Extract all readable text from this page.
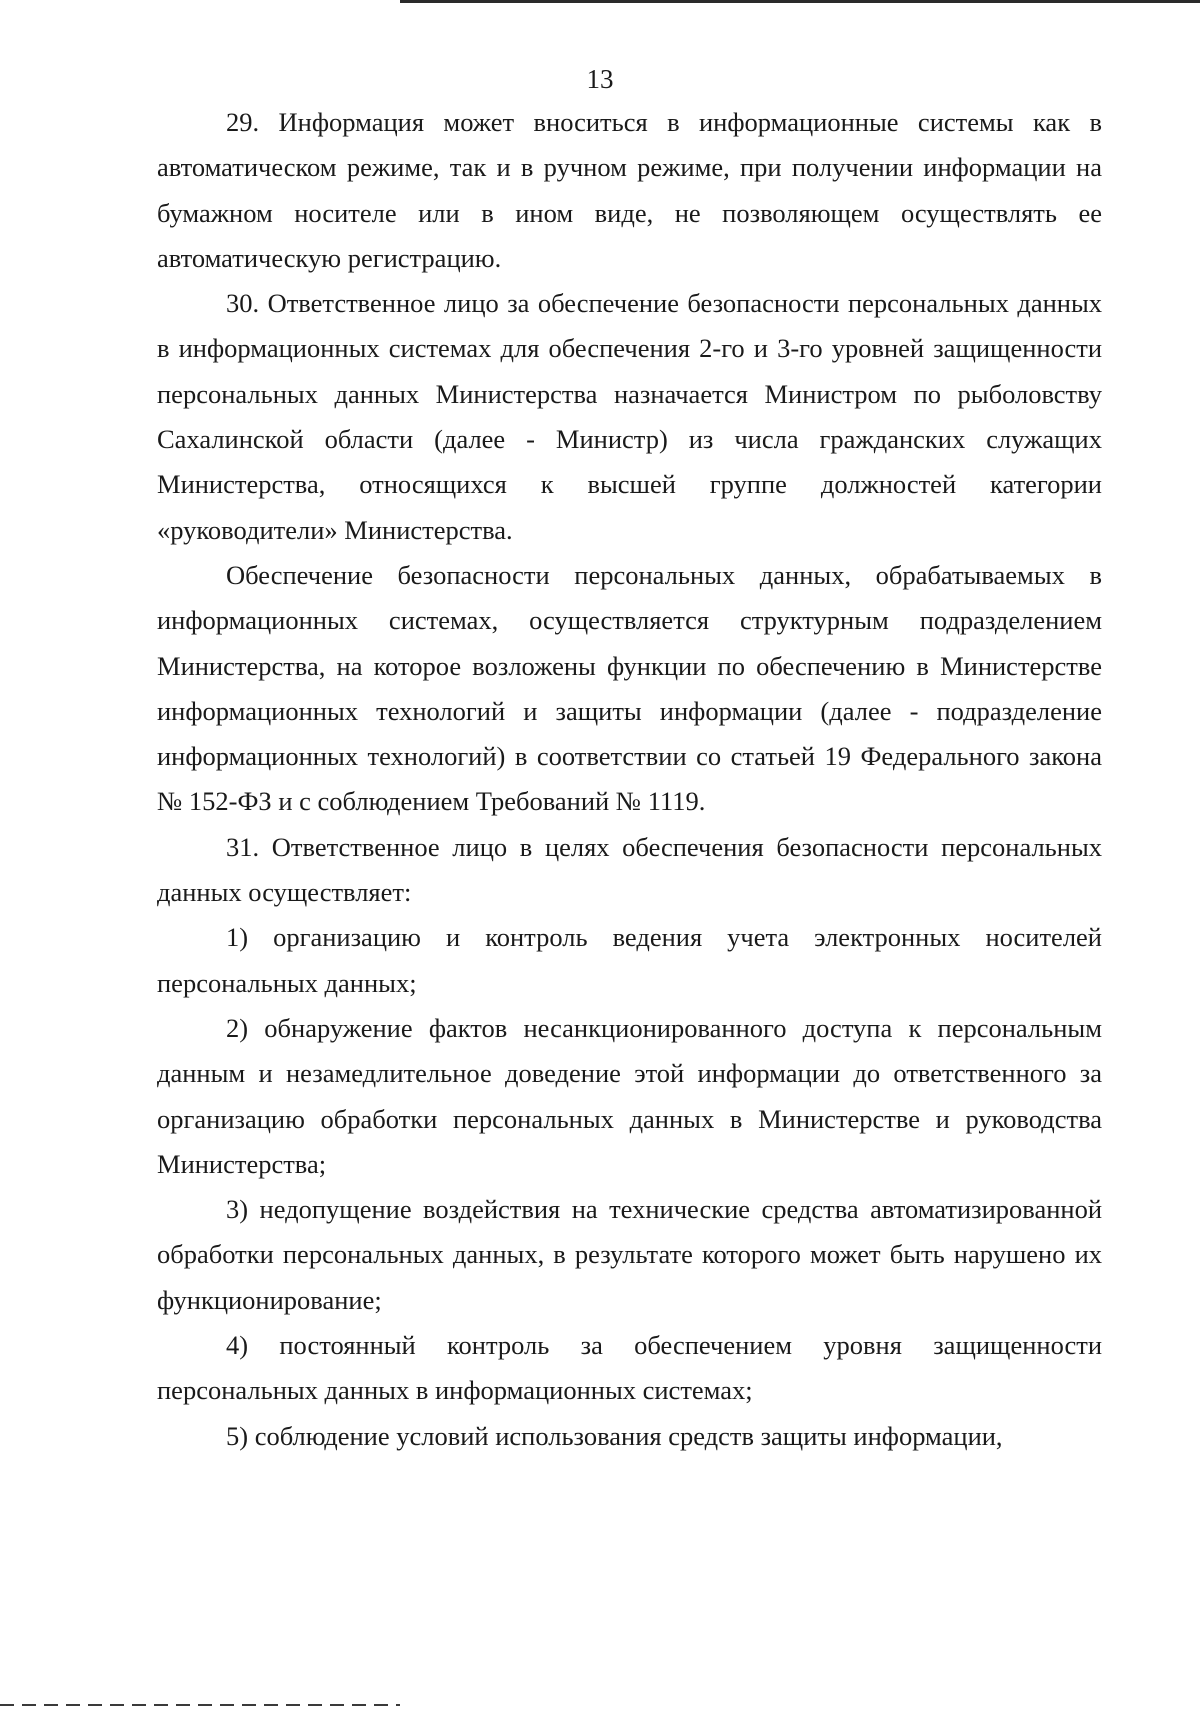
13

29. Информация может вноситься в информационные системы как в автоматическом режиме, так и в ручном режиме, при получении информации на бумажном носителе или в ином виде, не позволяющем осуществлять ее автоматическую регистрацию.

30. Ответственное лицо за обеспечение безопасности персональных данных в информационных системах для обеспечения 2-го и 3-го уровней защищенности персональных данных Министерства назначается Министром по рыболовству Сахалинской области (далее - Министр) из числа гражданских служащих Министерства, относящихся к высшей группе должностей категории «руководители» Министерства.

Обеспечение безопасности персональных данных, обрабатываемых в информационных системах, осуществляется структурным подразделением Министерства, на которое возложены функции по обеспечению в Министерстве информационных технологий и защиты информации (далее - подразделение информационных технологий) в соответствии со статьей 19 Федерального закона № 152-ФЗ и с соблюдением Требований № 1119.

31. Ответственное лицо в целях обеспечения безопасности персональных данных осуществляет:

1) организацию и контроль ведения учета электронных носителей персональных данных;

2) обнаружение фактов несанкционированного доступа к персональным данным и незамедлительное доведение этой информации до ответственного за организацию обработки персональных данных в Министерстве и руководства Министерства;

3) недопущение воздействия на технические средства автоматизированной обработки персональных данных, в результате которого может быть нарушено их функционирование;

4) постоянный контроль за обеспечением уровня защищенности персональных данных в информационных системах;

5) соблюдение условий использования средств защиты информации,
